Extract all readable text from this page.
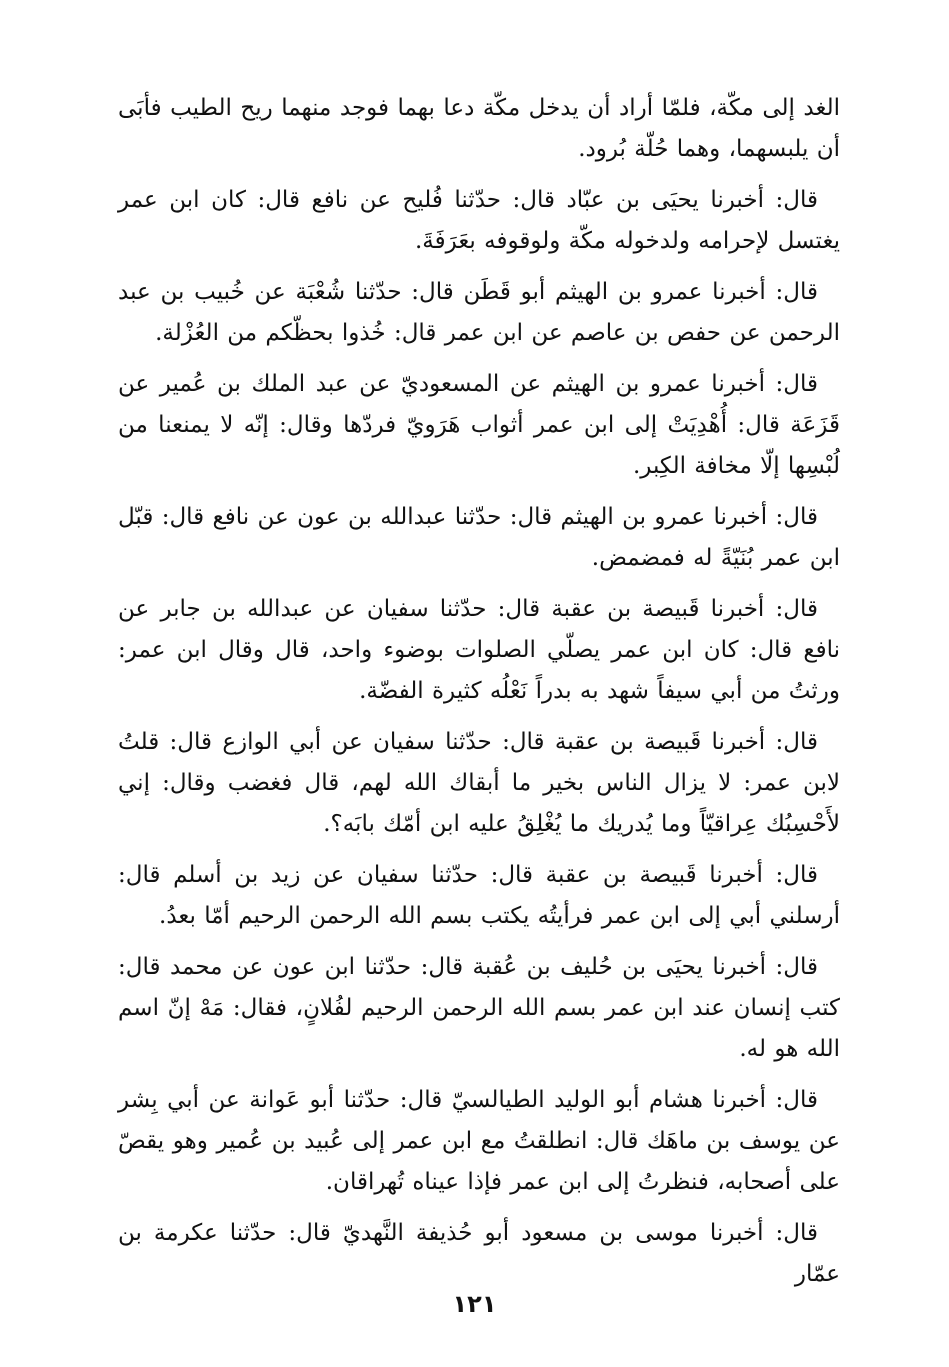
الغد إلى مكّة، فلمّا أراد أن يدخل مكّة دعا بهما فوجد منهما ريح الطيب فأبَى أن يلبسهما، وهما حُلّة بُرود.

قال: أخبرنا يحيَى بن عبّاد قال: حدّثنا فُليح عن نافع قال: كان ابن عمر يغتسل لإحرامه ولدخوله مكّة ولوقوفه بعَرَفَةَ.

قال: أخبرنا عمرو بن الهيثم أبو قَطَن قال: حدّثنا شُعْبَة عن خُبيب بن عبد الرحمن عن حفص بن عاصم عن ابن عمر قال: خُذوا بحظّكم من العُزْلة.

قال: أخبرنا عمرو بن الهيثم عن المسعوديّ عن عبد الملك بن عُمير عن قَزَعَة قال: أُهْدِيَتْ إلى ابن عمر أثواب هَرَويّ فردّها وقال: إنّه لا يمنعنا من لُبْسِها إلّا مخافة الكِبر.

قال: أخبرنا عمرو بن الهيثم قال: حدّثنا عبدالله بن عون عن نافع قال: قبّل ابن عمر بُنَيّةً له فمضمض.

قال: أخبرنا قَبيصة بن عقبة قال: حدّثنا سفيان عن عبدالله بن جابر عن نافع قال: كان ابن عمر يصلّي الصلوات بوضوء واحد، قال وقال ابن عمر: ورثتُ من أبي سيفاً شهد به بدراً نَعْلُه كثيرة الفضّة.

قال: أخبرنا قَبيصة بن عقبة قال: حدّثنا سفيان عن أبي الوازع قال: قلتُ لابن عمر: لا يزال الناس بخير ما أبقاك الله لهم، قال فغضب وقال: إني لأَحْسِبُك عِراقيّاً وما يُدريك ما يُغْلِقُ عليه ابن أمّك بابَه؟.

قال: أخبرنا قَبيصة بن عقبة قال: حدّثنا سفيان عن زيد بن أسلم قال: أرسلني أبي إلى ابن عمر فرأيتُه يكتب بسم الله الرحمن الرحيم أمّا بعدُ.

قال: أخبرنا يحيَى بن حُليف بن عُقبة قال: حدّثنا ابن عون عن محمد قال: كتب إنسان عند ابن عمر بسم الله الرحمن الرحيم لفُلانٍ، فقال: مَهْ إنّ اسم الله هو له.

قال: أخبرنا هشام أبو الوليد الطيالسيّ قال: حدّثنا أبو عَوانة عن أبي بِشر عن يوسف بن ماهَك قال: انطلقتُ مع ابن عمر إلى عُبيد بن عُمير وهو يقصّ على أصحابه، فنظرتُ إلى ابن عمر فإذا عيناه تُهراقان.

قال: أخبرنا موسى بن مسعود أبو حُذيفة النَّهديّ قال: حدّثنا عكرمة بن عمّار

١٢١
